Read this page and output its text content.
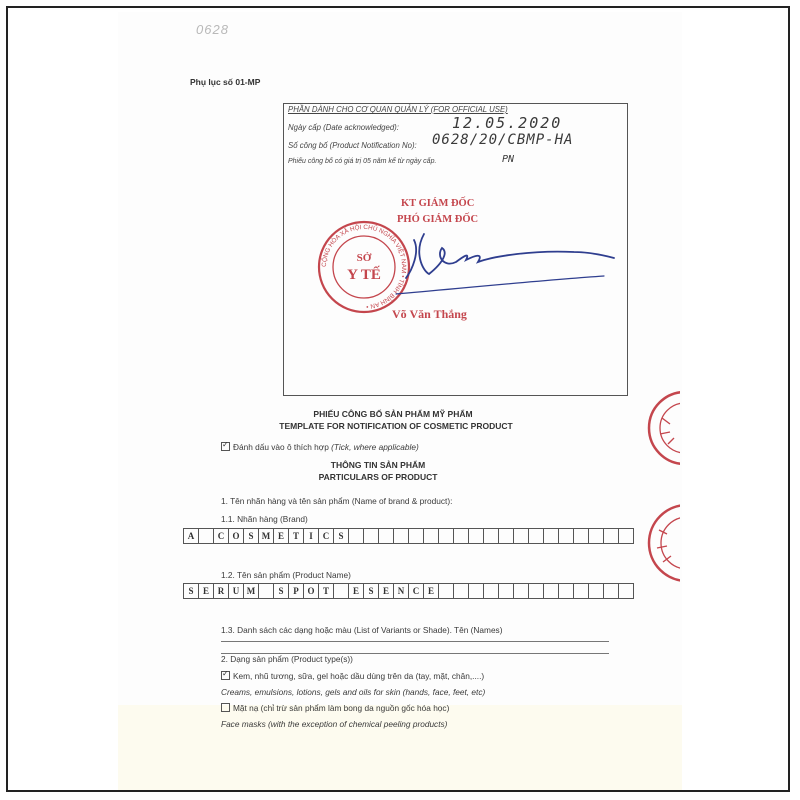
0628
Phụ lục số 01-MP
PHẦN DÀNH CHO CƠ QUAN QUẢN LÝ (FOR OFFICIAL USE)
Ngày cấp (Date acknowledged):	12.05.2020
Số công bố (Product Notification No): 0628/20/CBMP-HA
Phiếu công bố có giá trị 05 năm kể từ ngày cấp.	PN
KT GIÁM ĐỐC
PHÓ GIÁM ĐỐC
Võ Văn Thắng
CỘNG HÒA XÃ HỘI CHỦ NGHĨA VIỆT NAM • TỈNH BÌNH AN •
SỞ
Y TẾ
PHIẾU CÔNG BỐ SẢN PHẨM MỸ PHẨM
TEMPLATE FOR NOTIFICATION OF COSMETIC PRODUCT
✓Đánh dấu vào ô thích hợp (Tick, where applicable)
THÔNG TIN SẢN PHẨM
PARTICULARS OF PRODUCT
1. Tên nhãn hàng và tên sản phẩm (Name of brand & product):
1.1. Nhãn hàng (Brand)
A		C	O	S	M	E	T	I	C	S																			
1.2. Tên sản phẩm (Product Name)
S	E	R	U	M		S	P	O	T		E	S	E	N	C	E													
1.3. Danh sách các dạng hoặc màu (List of Variants or Shade). Tên (Names)
2. Dạng sản phẩm (Product type(s))
✓Kem, nhũ tương, sữa, gel hoặc dầu dùng trên da (tay, mặt, chân,....)
Creams, emulsions, lotions, gels and oils for skin (hands, face, feet, etc)
Mặt nạ (chỉ trừ sản phẩm làm bong da nguồn gốc hóa học)
Face masks (with the exception of chemical peeling products)
